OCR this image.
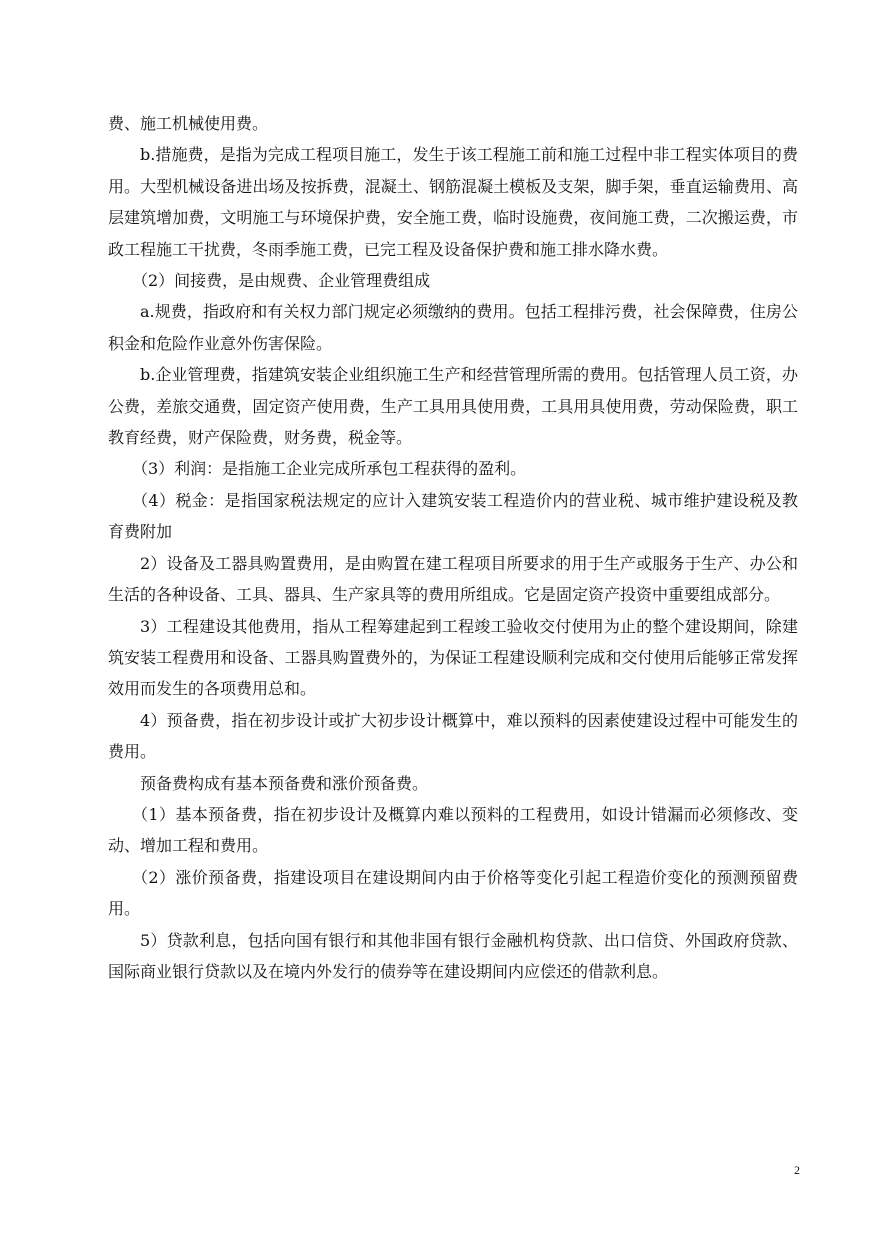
费、施工机械使用费。

b.措施费，是指为完成工程项目施工，发生于该工程施工前和施工过程中非工程实体项目的费用。大型机械设备进出场及按拆费，混凝土、钢筋混凝土模板及支架，脚手架，垂直运输费用、高层建筑增加费，文明施工与环境保护费，安全施工费，临时设施费，夜间施工费，二次搬运费，市政工程施工干扰费，冬雨季施工费，已完工程及设备保护费和施工排水降水费。

（2）间接费，是由规费、企业管理费组成

a.规费，指政府和有关权力部门规定必须缴纳的费用。包括工程排污费，社会保障费，住房公积金和危险作业意外伤害保险。

b.企业管理费，指建筑安装企业组织施工生产和经营管理所需的费用。包括管理人员工资，办公费，差旅交通费，固定资产使用费，生产工具用具使用费，工具用具使用费，劳动保险费，职工教育经费，财产保险费，财务费，税金等。

（3）利润：是指施工企业完成所承包工程获得的盈利。

（4）税金：是指国家税法规定的应计入建筑安装工程造价内的营业税、城市维护建设税及教育费附加

2）设备及工器具购置费用，是由购置在建工程项目所要求的用于生产或服务于生产、办公和生活的各种设备、工具、器具、生产家具等的费用所组成。它是固定资产投资中重要组成部分。

3）工程建设其他费用，指从工程筹建起到工程竣工验收交付使用为止的整个建设期间，除建筑安装工程费用和设备、工器具购置费外的，为保证工程建设顺利完成和交付使用后能够正常发挥效用而发生的各项费用总和。

4）预备费，指在初步设计或扩大初步设计概算中，难以预料的因素使建设过程中可能发生的费用。

预备费构成有基本预备费和涨价预备费。

（1）基本预备费，指在初步设计及概算内难以预料的工程费用，如设计错漏而必须修改、变动、增加工程和费用。

（2）涨价预备费，指建设项目在建设期间内由于价格等变化引起工程造价变化的预测预留费用。

5）贷款利息，包括向国有银行和其他非国有银行金融机构贷款、出口信贷、外国政府贷款、国际商业银行贷款以及在境内外发行的债券等在建设期间内应偿还的借款利息。

2
